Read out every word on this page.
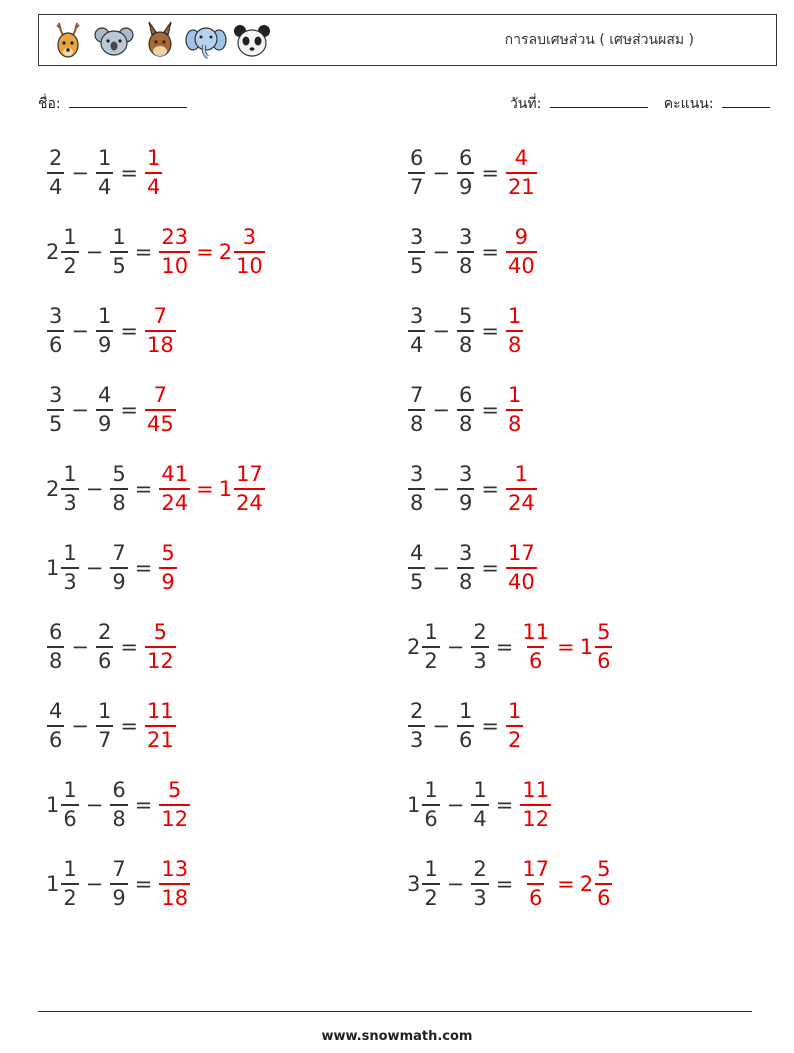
การลบเศษส่วน ( เศษส่วนผสม )
ชื่อ:	วันที่:	คะแนน:
$\frac{2}{4} - \frac{1}{4} = \frac{1}{4}$	$\frac{6}{7} - \frac{6}{9} = \frac{4}{21}$
$2 \frac{1}{2} - \frac{1}{5} = \frac{23}{10} = 2 \frac{3}{10}$	$\frac{3}{5} - \frac{3}{8} = \frac{9}{40}$
$\frac{3}{6} - \frac{1}{9} = \frac{7}{18}$	$\frac{3}{4} - \frac{5}{8} = \frac{1}{8}$
$\frac{3}{5} - \frac{4}{9} = \frac{7}{45}$	$\frac{7}{8} - \frac{6}{8} = \frac{1}{8}$
$2 \frac{1}{3} - \frac{5}{8} = \frac{41}{24} = 1 \frac{17}{24}$	$\frac{3}{8} - \frac{3}{9} = \frac{1}{24}$
$1 \frac{1}{3} - \frac{7}{9} = \frac{5}{9}$	$\frac{4}{5} - \frac{3}{8} = \frac{17}{40}$
$\frac{6}{8} - \frac{2}{6} = \frac{5}{12}$	$2 \frac{1}{2} - \frac{2}{3} = \frac{11}{6} = 1 \frac{5}{6}$
$\frac{4}{6} - \frac{1}{7} = \frac{11}{21}$	$\frac{2}{3} - \frac{1}{6} = \frac{1}{2}$
$1 \frac{1}{6} - \frac{6}{8} = \frac{5}{12}$	$1 \frac{1}{6} - \frac{1}{4} = \frac{11}{12}$
$1 \frac{1}{2} - \frac{7}{9} = \frac{13}{18}$	$3 \frac{1}{2} - \frac{2}{3} = \frac{17}{6} = 2 \frac{5}{6}$
www.snowmath.com
